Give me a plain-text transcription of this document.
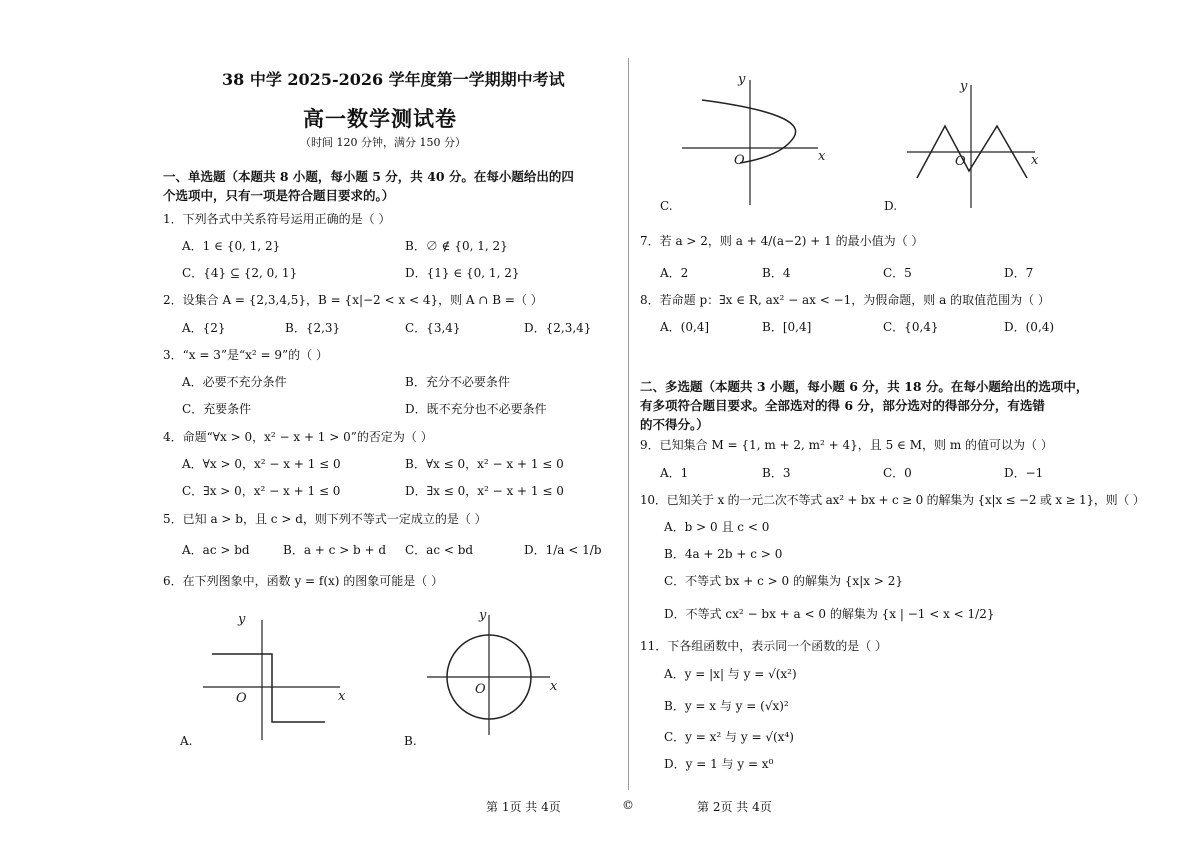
38 中学 2025-2026 学年度第一学期期中考试
高一数学测试卷
（时间 120 分钟，满分 150 分）
一、单选题（本题共 8 小题，每小题 5 分，共 40 分。在每小题给出的四
个选项中，只有一项是符合题目要求的。）
1．下列各式中关系符号运用正确的是（ ）
A．1 ∈ {0, 1, 2}	B．∅ ∉ {0, 1, 2}
C．{4} ⊆ {2, 0, 1}	D．{1} ∈ {0, 1, 2}
2．设集合 A = {2,3,4,5}，B = {x|−2 < x < 4}，则 A ∩ B =（ ）
A．{2}	B．{2,3}	C．{3,4}	D．{2,3,4}
3．“x = 3”是“x² = 9”的（ ）
A．必要不充分条件	B．充分不必要条件
C．充要条件	D．既不充分也不必要条件
4．命题“∀x > 0，x² − x + 1 > 0”的否定为（ ）
A．∀x > 0，x² − x + 1 ≤ 0	B．∀x ≤ 0，x² − x + 1 ≤ 0
C．∃x > 0，x² − x + 1 ≤ 0	D．∃x ≤ 0，x² − x + 1 ≤ 0
5．已知 a > b，且 c > d，则下列不等式一定成立的是（ ）
A．ac > bd	B．a + c > b + d C．ac < bd	D．1/a < 1/b
6．在下列图象中，函数 y = f(x) 的图象可能是（ ）
y
x
O
A.
y
x
O
B.
y
x
O
C.
y
x
O
D.
7．若 a > 2，则 a + 4/(a−2) + 1 的最小值为（ ）
A．2	B．4	C．5	D．7
8．若命题 p：∃x ∈ R, ax² − ax < −1，为假命题，则 a 的取值范围为（ ）
A．(0,4]	B．[0,4]	C．{0,4}	D．(0,4)
二、多选题（本题共 3 小题，每小题 6 分，共 18 分。在每小题给出的选项中，
有多项符合题目要求。全部选对的得 6 分，部分选对的得部分分，有选错
的不得分。）
9．已知集合 M = {1, m + 2, m² + 4}，且 5 ∈ M，则 m 的值可以为（ ）
A．1	B．3	C．0	D．−1
10．已知关于 x 的一元二次不等式 ax² + bx + c ≥ 0 的解集为 {x|x ≤ −2 或 x ≥ 1}，则（ ）
A．b > 0 且 c < 0
B．4a + 2b + c > 0
C．不等式 bx + c > 0 的解集为 {x|x > 2}
D．不等式 cx² − bx + a < 0 的解集为 {x | −1 < x < 1/2}
11．下各组函数中，表示同一个函数的是（ ）
A．y = |x| 与 y = √(x²)
B．y = x 与 y = (√x)²
C．y = x² 与 y = √(x⁴)
D．y = 1 与 y = x⁰
第 1页 共 4页	©	第 2页 共 4页
